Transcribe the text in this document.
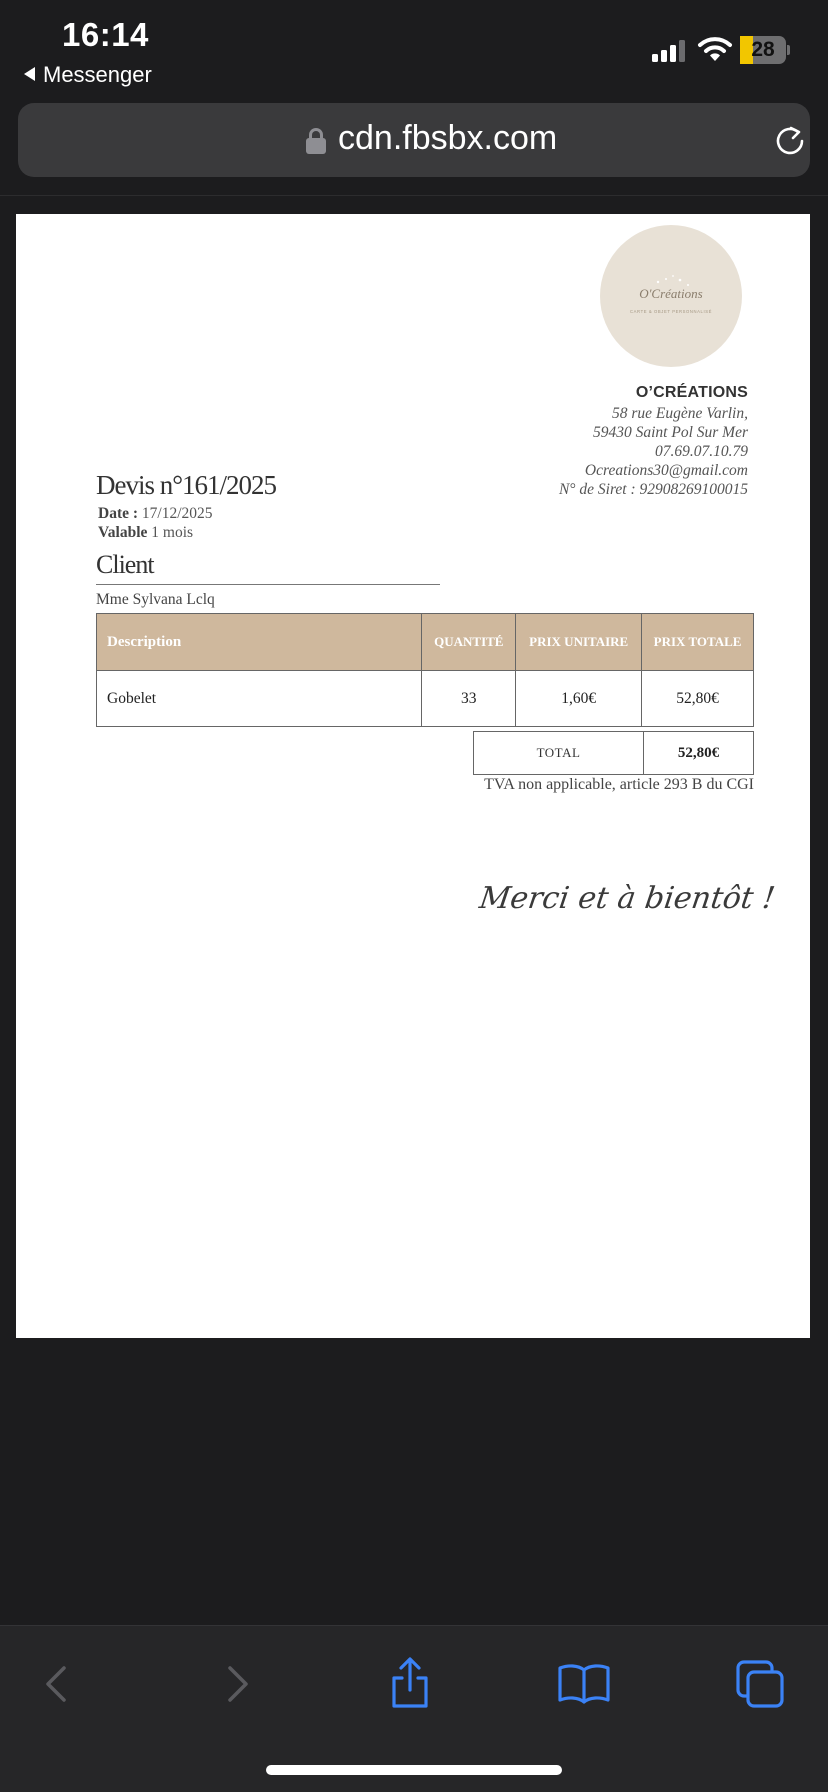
16:14
Messenger
28
cdn.fbsbx.com
O'Créations
CARTE & OBJET PERSONNALISÉ
O’CRÉATIONS
58 rue Eugène Varlin,
59430 Saint Pol Sur Mer
07.69.07.10.79
Ocreations30@gmail.com
N° de Siret : 92908269100015
Devis n°161/2025
Date : 17/12/2025
Valable 1 mois
Client
Mme Sylvana Lclq
Description	QUANTITÉ	PRIX UNITAIRE	PRIX TOTALE
Gobelet	33	1,60€	52,80€
TOTAL	52,80€
TVA non applicable, article 293 B du CGI
Merci et à bientôt !
